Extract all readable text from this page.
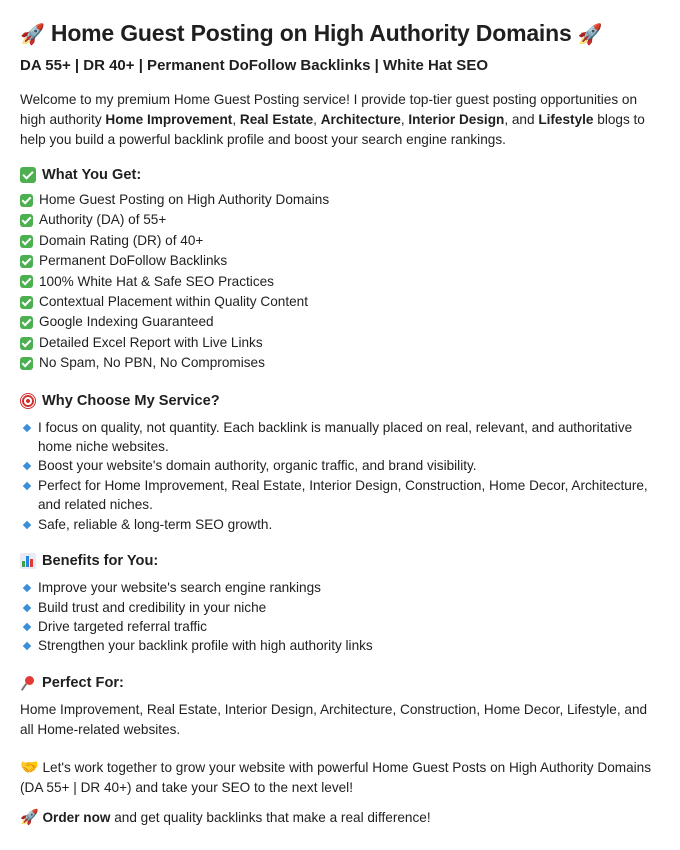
🚀 Home Guest Posting on High Authority Domains 🚀
DA 55+ | DR 40+ | Permanent DoFollow Backlinks | White Hat SEO

Welcome to my premium Home Guest Posting service! I provide top-tier guest posting opportunities on high authority Home Improvement, Real Estate, Architecture, Interior Design, and Lifestyle blogs to help you build a powerful backlink profile and boost your search engine rankings.

What You Get:
Home Guest Posting on High Authority Domains
Authority (DA) of 55+
Domain Rating (DR) of 40+
Permanent DoFollow Backlinks
100% White Hat & Safe SEO Practices
Contextual Placement within Quality Content
Google Indexing Guaranteed
Detailed Excel Report with Live Links
No Spam, No PBN, No Compromises
Why Choose My Service?
I focus on quality, not quantity. Each backlink is manually placed on real, relevant, and authoritative home niche websites.
Boost your website's domain authority, organic traffic, and brand visibility.
Perfect for Home Improvement, Real Estate, Interior Design, Construction, Home Decor, Architecture, and related niches.
Safe, reliable & long-term SEO growth.
Benefits for You:
Improve your website's search engine rankings
Build trust and credibility in your niche
Drive targeted referral traffic
Strengthen your backlink profile with high authority links
Perfect For:

Home Improvement, Real Estate, Interior Design, Architecture, Construction, Home Decor, Lifestyle, and all Home-related websites.

🤝 Let's work together to grow your website with powerful Home Guest Posts on High Authority Domains (DA 55+ | DR 40+) and take your SEO to the next level!

🚀 Order now and get quality backlinks that make a real difference!
